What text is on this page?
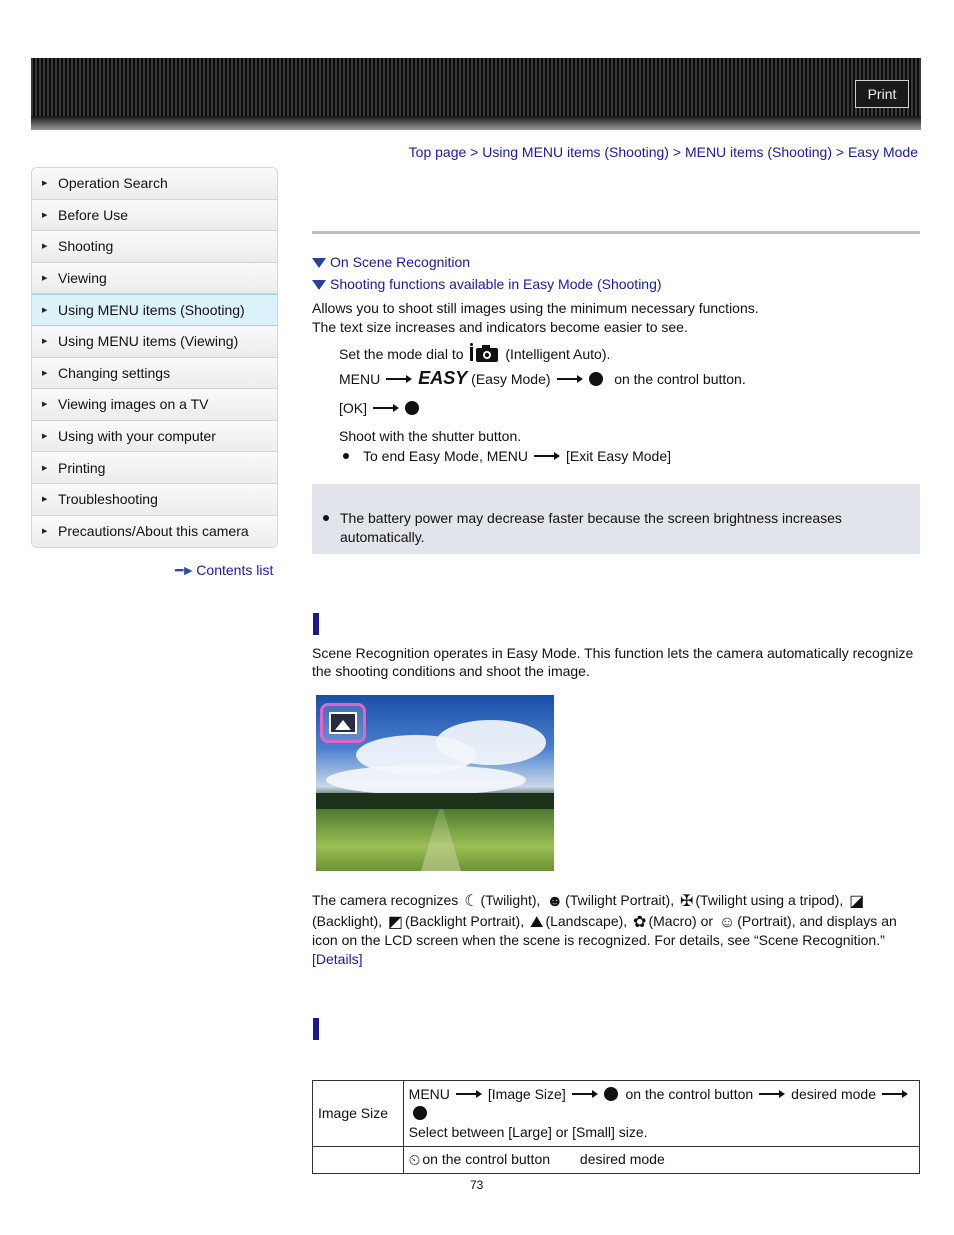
Print
Top page > Using MENU items (Shooting) > MENU items (Shooting) > Easy Mode
▶ Operation Search
▶ Before Use
▶ Shooting
▶ Viewing
▶ Using MENU items (Shooting)
▶ Using MENU items (Viewing)
▶ Changing settings
▶ Viewing images on a TV
▶ Using with your computer
▶ Printing
▶ Troubleshooting
▶ Precautions/About this camera
━► Contents list
On Scene Recognition
Shooting functions available in Easy Mode (Shooting)
Allows you to shoot still images using the minimum necessary functions.
The text size increases and indicators become easier to see.
Set the mode dial to	(Intelligent Auto).
MENU EASY (Easy Mode)	on the control button.
[OK]
Shoot with the shutter button.
To end Easy Mode, MENU	[Exit Easy Mode]
The battery power may decrease faster because the screen brightness increases
automatically.
Scene Recognition operates in Easy Mode. This function lets the camera automatically recognize
the shooting conditions and shoot the image.
The camera recognizes ☾ (Twilight), ☻ (Twilight Portrait), ✠ (Twilight using a tripod), ◪
(Backlight), ◩ (Backlight Portrait), ⛰ (Landscape), ✿ (Macro) or ☺ (Portrait), and displays an
icon on the LCD screen when the scene is recognized. For details, see “Scene Recognition.”
[Details]
Image Size	MENU [Image Size] on the control button desired mode
Select between [Large] or [Small] size.

	⏲ on the control button desired mode
73
